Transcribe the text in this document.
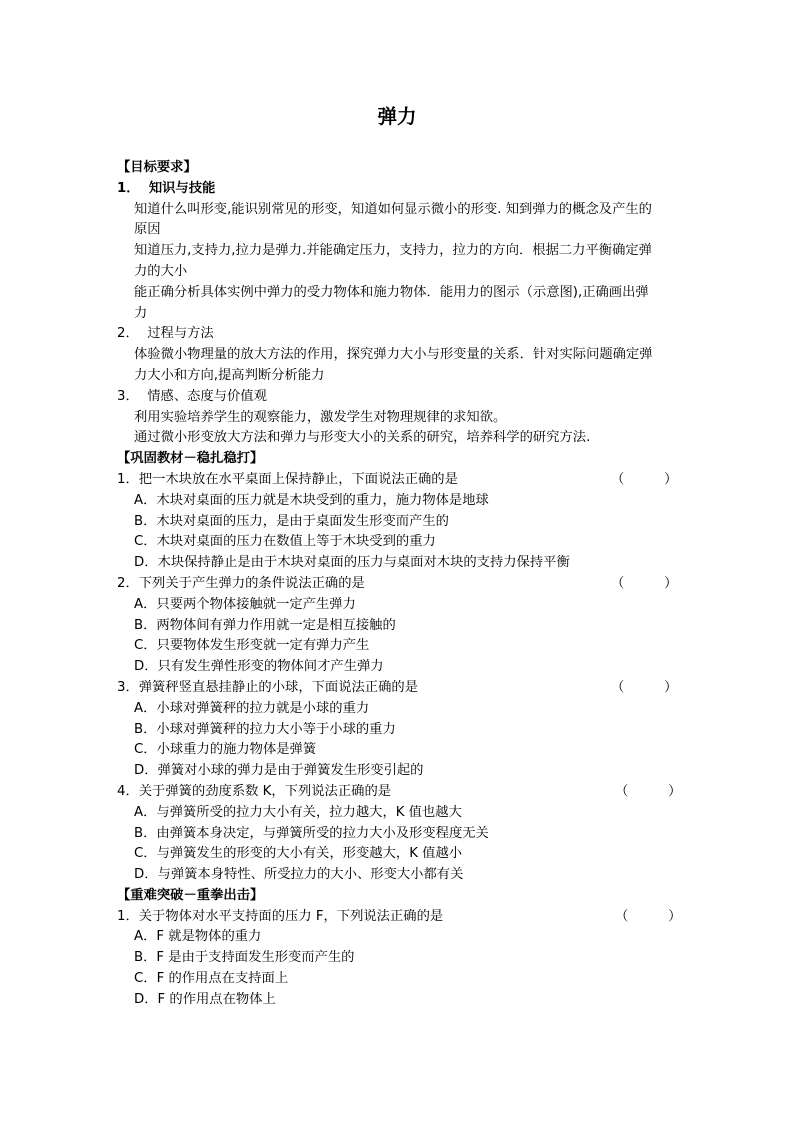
弹力
【目标要求】
1． 知识与技能
知道什么叫形变,能识别常见的形变，知道如何显示微小的形变. 知到弹力的概念及产生的
原因
知道压力,支持力,拉力是弹力.并能确定压力，支持力，拉力的方向．根据二力平衡确定弹
力的大小
能正确分析具体实例中弹力的受力物体和施力物体．能用力的图示（示意图),正确画出弹
力
2． 过程与方法
体验微小物理量的放大方法的作用，探究弹力大小与形变量的关系．针对实际问题确定弹
力大小和方向,提高判断分析能力
3． 情感、态度与价值观
利用实验培养学生的观察能力，激发学生对物理规律的求知欲。
通过微小形变放大方法和弹力与形变大小的关系的研究，培养科学的研究方法.
【巩固教材－稳扎稳打】
1．把一木块放在水平桌面上保持静止，下面说法正确的是	（　　　）
A．木块对桌面的压力就是木块受到的重力，施力物体是地球
B．木块对桌面的压力，是由于桌面发生形变而产生的
C．木块对桌面的压力在数值上等于木块受到的重力
D．木块保持静止是由于木块对桌面的压力与桌面对木块的支持力保持平衡
2．下列关于产生弹力的条件说法正确的是	（　　　）
A．只要两个物体接触就一定产生弹力
B．两物体间有弹力作用就一定是相互接触的
C．只要物体发生形变就一定有弹力产生
D．只有发生弹性形变的物体间才产生弹力
3．弹簧秤竖直悬挂静止的小球，下面说法正确的是	（　　　）
A．小球对弹簧秤的拉力就是小球的重力
B．小球对弹簧秤的拉力大小等于小球的重力
C．小球重力的施力物体是弹簧
D．弹簧对小球的弹力是由于弹簧发生形变引起的
4．关于弹簧的劲度系数 K，下列说法正确的是	（　　　）
A．与弹簧所受的拉力大小有关，拉力越大，K 值也越大
B．由弹簧本身决定，与弹簧所受的拉力大小及形变程度无关
C．与弹簧发生的形变的大小有关，形变越大，K 值越小
D．与弹簧本身特性、所受拉力的大小、形变大小都有关
【重难突破－重拳出击】
1．关于物体对水平支持面的压力 F，下列说法正确的是	（　　　）
A．F 就是物体的重力
B．F 是由于支持面发生形变而产生的
C．F 的作用点在支持面上
D．F 的作用点在物体上
